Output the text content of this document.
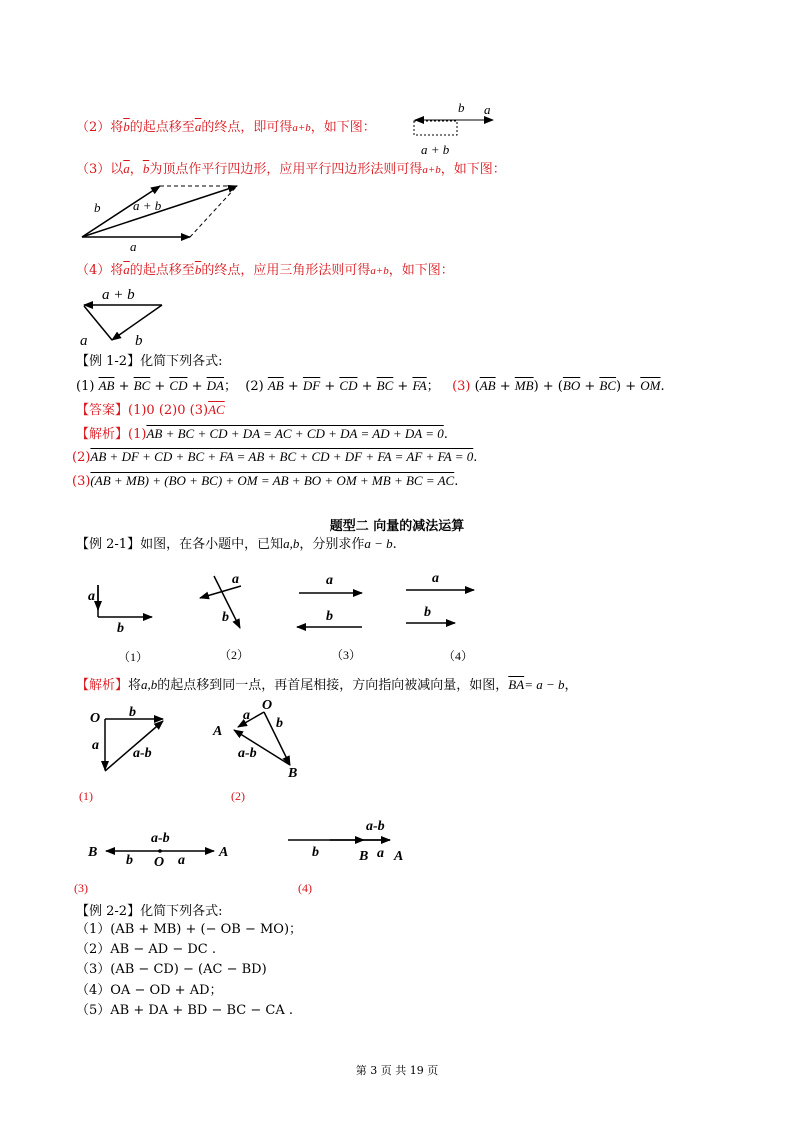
（2）将$\overline{b}$的起点移至$\overline{a}$的终点，即可得a+b，如下图：
（3）以$\overline{a}$，$\overline{b}$为顶点作平行四边形，应用平行四边形法则可得a+b，如下图：
（4）将$\overline{a}$的起点移至$\overline{b}$的终点，应用三角形法则可得a+b，如下图：
【例 1-2】化简下列各式:
(1) $\overline{AB} + \overline{BC} + \overline{CD} + \overline{DA}$； (2) $\overline{AB} + \overline{DF} + \overline{CD} + \overline{BC} + \overline{FA}$； (3) $(\overline{AB} + \overline{MB}) + (\overline{BO} + \overline{BC}) + \overline{OM}$.
【答案】(1)0 (2)0 $(3)\overline{AC}$
【解析】(1)AB + BC + CD + DA = AC + CD + DA = AD + DA = 0.
(2)AB + DF + CD + BC + FA = AB + BC + CD + DF + FA = AF + FA = 0.
(3)(AB + MB) + (BO + BC) + OM = AB + BO + OM + MB + BC = AC.
题型二 向量的减法运算
【例 2-1】如图，在各小题中，已知a,b，分别求作a − b.
【解析】将a,b的起点移到同一点，再首尾相接，方向指向被减向量，如图，$\overline{BA}= a - b$，
【例 2-2】化简下列各式:
（1）(AB + MB) + (− OB − MO)；
（2）AB − AD − DC .
（3）(AB − CD) − (AC − BD)
（4）OA − OD + AD；
（5）AB + DA + BD − BC − CA .
第 3 页 共 19 页
b a
a + b
b	a + b
a
a + b
a	b
a
b
（1）
a
b
（2）
a
b
（3）
a
b
（4）
O b
a
a-b
(1)
O
A
B
a
b
a-b
(2)
B
b O a
A
a-b
(3)
b	B a A
a-b
(4)
